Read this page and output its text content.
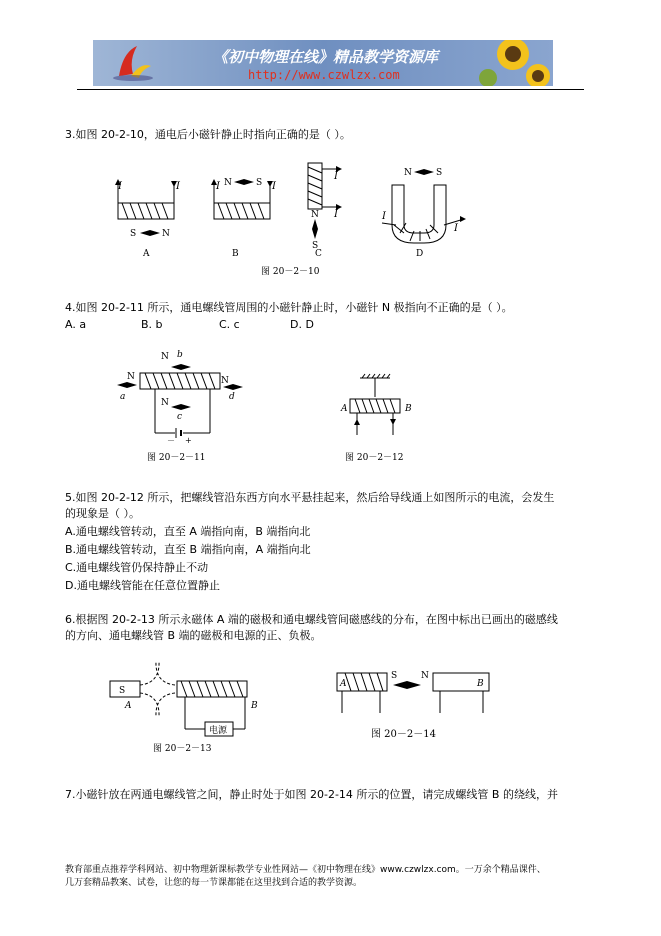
《初中物理在线》精品教学资源库
http://www.czwlzx.com
3.如图 20-2-10，通电后小磁针静止时指向正确的是（ ）。
I	I
S	N
A
I	I
N	S
B
I
I
N
S
C
I
I
N	S
D
图 20－2－10
4.如图 20-2-11 所示，通电螺线管周围的小磁针静止时，小磁针 N 极指向不正确的是（ ）。
A. a	B. b	C. c	D. D
N b
N
a
N
d
－ +
N
c
图 20－2－11
A	B
图 20－2－12
5.如图 20-2-12 所示，把螺线管沿东西方向水平悬挂起来，然后给导线通上如图所示的电流，会发生
的现象是（ ）。
A.通电螺线管转动，直至 A 端指向南，B 端指向北
B.通电螺线管转动，直至 B 端指向南，A 端指向北
C.通电螺线管仍保持静止不动
D.通电螺线管能在任意位置静止
6.根据图 20-2-13 所示永磁体 A 端的磁极和通电螺线管间磁感线的分布，在图中标出已画出的磁感线
的方向、通电螺线管 B 端的磁极和电源的正、负极。
S
A
电源
B
图 20－2－13
A
S	N
B
图 20－2－14
7.小磁针放在两通电螺线管之间，静止时处于如图 20-2-14 所示的位置，请完成螺线管 B 的绕线，并
教育部重点推荐学科网站、初中物理新课标教学专业性网站—《初中物理在线》www.czwlzx.com。一万余个精品课件、
几万套精品教案、试卷，让您的每一节课都能在这里找到合适的教学资源。
